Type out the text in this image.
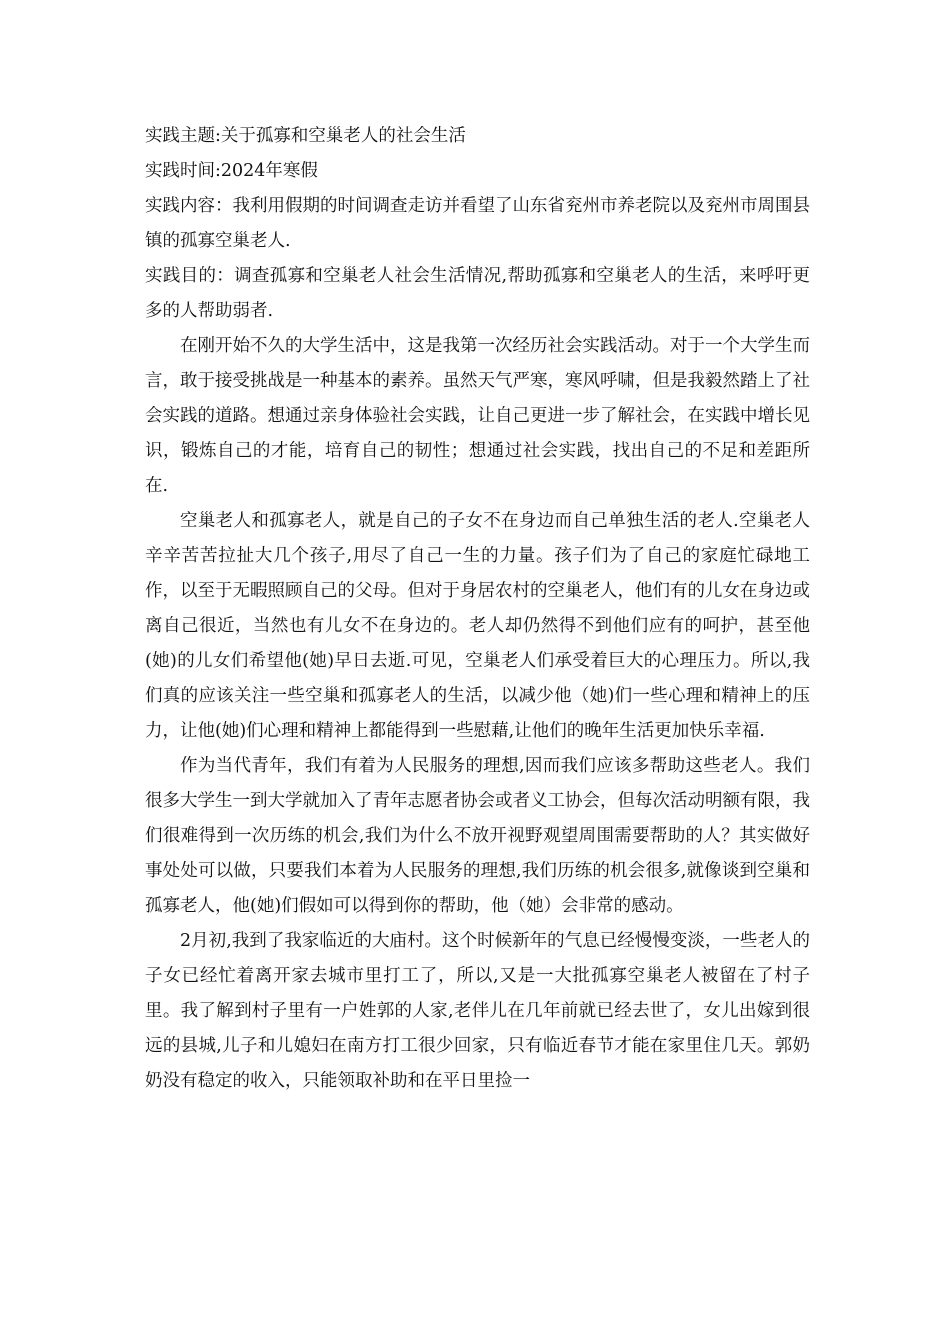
实践主题:关于孤寡和空巢老人的社会生活

实践时间:2024年寒假

实践内容：我利用假期的时间调查走访并看望了山东省兖州市养老院以及兖州市周围县镇的孤寡空巢老人.

实践目的：调查孤寡和空巢老人社会生活情况,帮助孤寡和空巢老人的生活，来呼吁更多的人帮助弱者.

在刚开始不久的大学生活中，这是我第一次经历社会实践活动。对于一个大学生而言，敢于接受挑战是一种基本的素养。虽然天气严寒，寒风呼啸，但是我毅然踏上了社会实践的道路。想通过亲身体验社会实践，让自己更进一步了解社会，在实践中增长见识，锻炼自己的才能，培育自己的韧性；想通过社会实践，找出自己的不足和差距所在.

空巢老人和孤寡老人，就是自己的子女不在身边而自己单独生活的老人.空巢老人辛辛苦苦拉扯大几个孩子,用尽了自己一生的力量。孩子们为了自己的家庭忙碌地工作，以至于无暇照顾自己的父母。但对于身居农村的空巢老人，他们有的儿女在身边或离自己很近，当然也有儿女不在身边的。老人却仍然得不到他们应有的呵护，甚至他(她)的儿女们希望他(她)早日去逝.可见，空巢老人们承受着巨大的心理压力。所以,我们真的应该关注一些空巢和孤寡老人的生活，以减少他（她)们一些心理和精神上的压力，让他(她)们心理和精神上都能得到一些慰藉,让他们的晚年生活更加快乐幸福.

作为当代青年，我们有着为人民服务的理想,因而我们应该多帮助这些老人。我们很多大学生一到大学就加入了青年志愿者协会或者义工协会，但每次活动明额有限，我们很难得到一次历练的机会,我们为什么不放开视野观望周围需要帮助的人？其实做好事处处可以做，只要我们本着为人民服务的理想,我们历练的机会很多,就像谈到空巢和孤寡老人，他(她)们假如可以得到你的帮助，他（她）会非常的感动。

2月初,我到了我家临近的大庙村。这个时候新年的气息已经慢慢变淡，一些老人的子女已经忙着离开家去城市里打工了，所以,又是一大批孤寡空巢老人被留在了村子里。我了解到村子里有一户姓郭的人家,老伴儿在几年前就已经去世了，女儿出嫁到很远的县城,儿子和儿媳妇在南方打工很少回家，只有临近春节才能在家里住几天。郭奶奶没有稳定的收入，只能领取补助和在平日里捡一
